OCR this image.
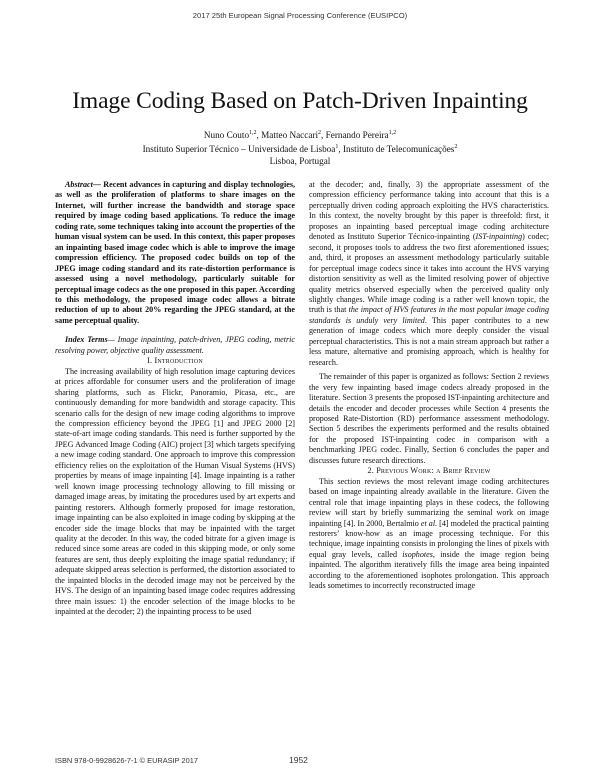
2017 25th European Signal Processing Conference (EUSIPCO)
Image Coding Based on Patch-Driven Inpainting
Nuno Couto$^{1,2}$, Matteo Naccari$^2$, Fernando Pereira$^{1,2}$
Instituto Superior Técnico – Universidade de Lisboa$^1$, Instituto de Telecomunicações$^2$
Lisboa, Portugal

Abstract— Recent advances in capturing and display technologies, as well as the proliferation of platforms to share images on the Internet, will further increase the bandwidth and storage space required by image coding based applications. To reduce the image coding rate, some techniques taking into account the properties of the human visual system can be used. In this context, this paper proposes an inpainting based image codec which is able to improve the image compression efficiency. The proposed codec builds on top of the JPEG image coding standard and its rate-distortion performance is assessed using a novel methodology, particularly suitable for perceptual image codecs as the one proposed in this paper. According to this methodology, the proposed image codec allows a bitrate reduction of up to about 20% regarding the JPEG standard, at the same perceptual quality.

Index Terms— Image inpainting, patch-driven, JPEG coding, metric resolving power, objective quality assessment.

I. Introduction

The increasing availability of high resolution image capturing devices at prices affordable for consumer users and the proliferation of image sharing platforms, such as Flickr, Panoramio, Picasa, etc., are continuously demanding for more bandwidth and storage capacity. This scenario calls for the design of new image coding algorithms to improve the compression efficiency beyond the JPEG [1] and JPEG 2000 [2] state-of-art image coding standards. This need is further supported by the JPEG Advanced Image Coding (AIC) project [3] which targets specifying a new image coding standard. One approach to improve this compression efficiency relies on the exploitation of the Human Visual Systems (HVS) properties by means of image inpainting [4]. Image inpainting is a rather well known image processing technology allowing to fill missing or damaged image areas, by imitating the procedures used by art experts and painting restorers. Although formerly proposed for image restoration, image inpainting can be also exploited in image coding by skipping at the encoder side the image blocks that may be inpainted with the target quality at the decoder. In this way, the coded bitrate for a given image is reduced since some areas are coded in this skipping mode, or only some features are sent, thus deeply exploiting the image spatial redundancy; if adequate skipped areas selection is performed, the distortion associated to the inpainted blocks in the decoded image may not be perceived by the HVS. The design of an inpainting based image codec requires addressing three main issues: 1) the encoder selection of the image blocks to be inpainted at the decoder; 2) the inpainting process to be used

at the decoder; and, finally, 3) the appropriate assessment of the compression efficiency performance taking into account that this is a perceptually driven coding approach exploiting the HVS characteristics. In this context, the novelty brought by this paper is threefold: first, it proposes an inpainting based perceptual image coding architecture denoted as Instituto Superior Técnico-inpainting (IST-inpainting) codec; second, it proposes tools to address the two first aforementioned issues; and, third, it proposes an assessment methodology particularly suitable for perceptual image codecs since it takes into account the HVS varying distortion sensitivity as well as the limited resolving power of objective quality metrics observed especially when the perceived quality only slightly changes. While image coding is a rather well known topic, the truth is that the impact of HVS features in the most popular image coding standards is unduly very limited. This paper contributes to a new generation of image codecs which more deeply consider the visual perceptual characteristics. This is not a main stream approach but rather a less mature, alternative and promising approach, which is healthy for research.

The remainder of this paper is organized as follows: Section 2 reviews the very few inpainting based image codecs already proposed in the literature. Section 3 presents the proposed IST-inpainting architecture and details the encoder and decoder processes while Section 4 presents the proposed Rate-Distortion (RD) performance assessment methodology. Section 5 describes the experiments performed and the results obtained for the proposed IST-inpainting codec in comparison with a benchmarking JPEG codec. Finally, Section 6 concludes the paper and discusses future research directions.

2. Previous Work: a Brief Review

This section reviews the most relevant image coding architectures based on image inpainting already available in the literature. Given the central role that image inpainting plays in these codecs, the following review will start by briefly summarizing the seminal work on image inpainting [4]. In 2000, Bertalmio et al. [4] modeled the practical painting restorers’ know-how as an image processing technique. For this technique, image inpainting consists in prolonging the lines of pixels with equal gray levels, called isophotes, inside the image region being inpainted. The algorithm iteratively fills the image area being inpainted according to the aforementioned isophotes prolongation. This approach leads sometimes to incorrectly reconstructed image

ISBN 978-0-9928626-7-1 © EURASIP 2017	1952
